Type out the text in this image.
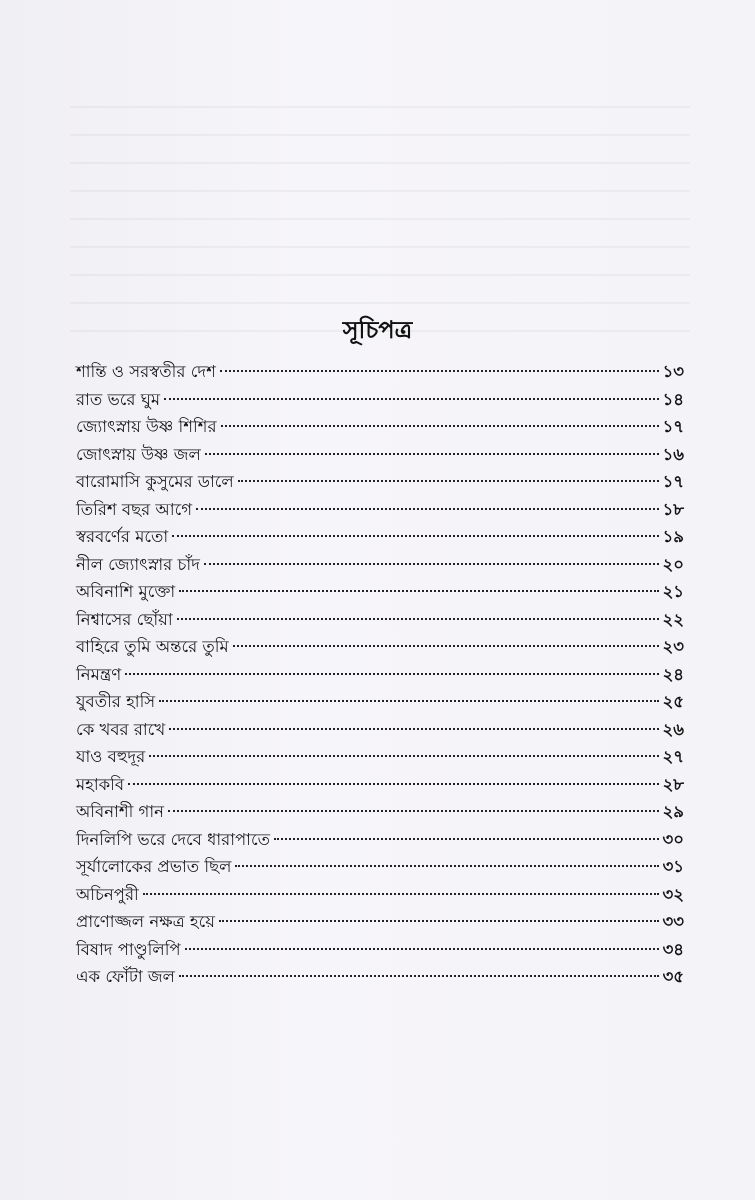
সূচিপত্র
শান্তি ও সরস্বতীর দেশ	১৩
রাত ভরে ঘুম	১৪
জ্যোৎস্নায় উষ্ণ শিশির	১৭
জোৎস্নায় উষ্ণ জল	১৬
বারোমাসি কুসুমের ডালে	১৭
তিরিশ বছর আগে	১৮
স্বরবর্ণের মতো	১৯
নীল জ্যোৎস্নার চাঁদ	২০
অবিনাশি মুক্তো	২১
নিশ্বাসের ছোঁয়া	২২
বাহিরে তুমি অন্তরে তুমি	২৩
নিমন্ত্রণ	২৪
যুবতীর হাসি	২৫
কে খবর রাখে	২৬
যাও বহুদূর	২৭
মহাকবি	২৮
অবিনাশী গান	২৯
দিনলিপি ভরে দেবে ধারাপাতে	৩০
সূর্যালোকের প্রভাত ছিল	৩১
অচিনপুরী	৩২
প্রাণোজ্জল নক্ষত্র হয়ে	৩৩
বিষাদ পাণ্ডুলিপি	৩৪
এক ফোঁটা জল	৩৫
